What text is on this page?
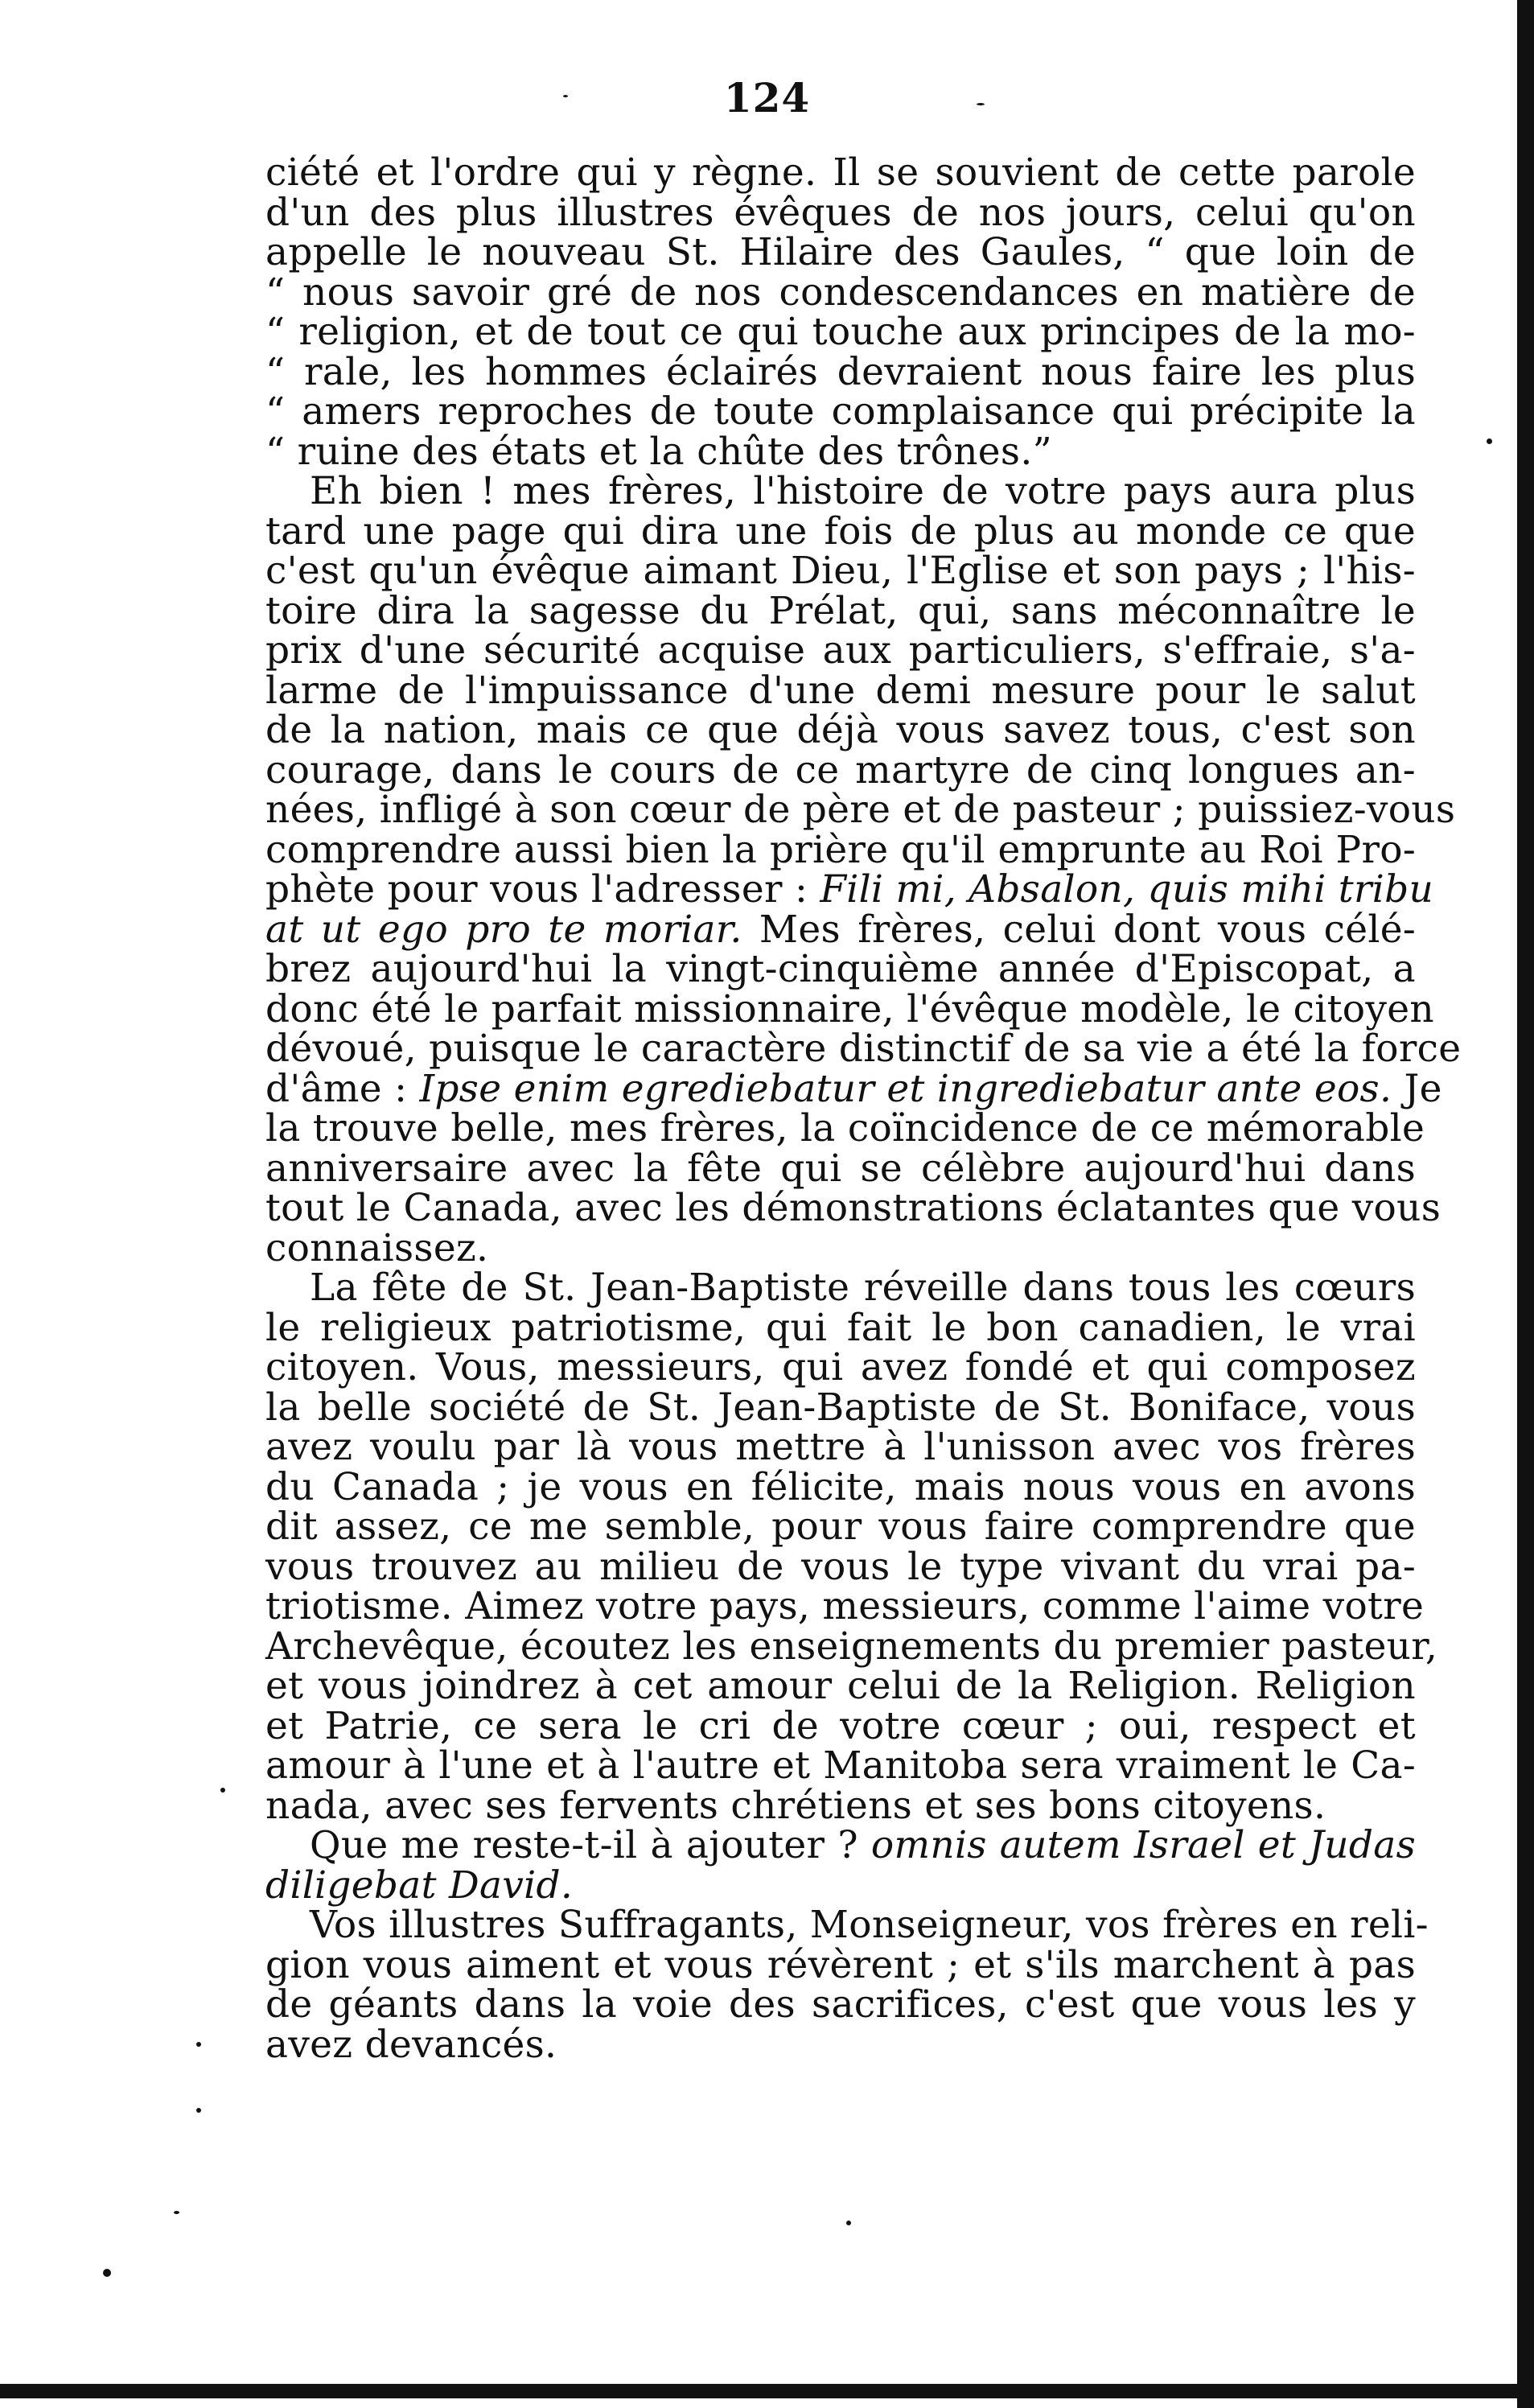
124
ciété et l'ordre qui y règne. Il se souvient de cette parole
d'un des plus illustres évêques de nos jours, celui qu'on
appelle le nouveau St. Hilaire des Gaules, “ que loin de
“ nous savoir gré de nos condescendances en matière de
“ religion, et de tout ce qui touche aux principes de la mo-
“ rale, les hommes éclairés devraient nous faire les plus
“ amers reproches de toute complaisance qui précipite la
“ ruine des états et la chûte des trônes.”
Eh bien ! mes frères, l'histoire de votre pays aura plus
tard une page qui dira une fois de plus au monde ce que
c'est qu'un évêque aimant Dieu, l'Eglise et son pays ; l'his-
toire dira la sagesse du Prélat, qui, sans méconnaître le
prix d'une sécurité acquise aux particuliers, s'effraie, s'a-
larme de l'impuissance d'une demi mesure pour le salut
de la nation, mais ce que déjà vous savez tous, c'est son
courage, dans le cours de ce martyre de cinq longues an-
nées, infligé à son cœur de père et de pasteur ; puissiez-vous
comprendre aussi bien la prière qu'il emprunte au Roi Pro-
phète pour vous l'adresser : Fili mi, Absalon, quis mihi tribu
at ut ego pro te moriar. Mes frères, celui dont vous célé-
brez aujourd'hui la vingt-cinquième année d'Episcopat, a
donc été le parfait missionnaire, l'évêque modèle, le citoyen
dévoué, puisque le caractère distinctif de sa vie a été la force
d'âme : Ipse enim egrediebatur et ingrediebatur ante eos. Je
la trouve belle, mes frères, la coïncidence de ce mémorable
anniversaire avec la fête qui se célèbre aujourd'hui dans
tout le Canada, avec les démonstrations éclatantes que vous
connaissez.
La fête de St. Jean-Baptiste réveille dans tous les cœurs
le religieux patriotisme, qui fait le bon canadien, le vrai
citoyen. Vous, messieurs, qui avez fondé et qui composez
la belle société de St. Jean-Baptiste de St. Boniface, vous
avez voulu par là vous mettre à l'unisson avec vos frères
du Canada ; je vous en félicite, mais nous vous en avons
dit assez, ce me semble, pour vous faire comprendre que
vous trouvez au milieu de vous le type vivant du vrai pa-
triotisme. Aimez votre pays, messieurs, comme l'aime votre
Archevêque, écoutez les enseignements du premier pasteur,
et vous joindrez à cet amour celui de la Religion. Religion
et Patrie, ce sera le cri de votre cœur ; oui, respect et
amour à l'une et à l'autre et Manitoba sera vraiment le Ca-
nada, avec ses fervents chrétiens et ses bons citoyens.
Que me reste-t-il à ajouter ? omnis autem Israel et Judas
diligebat David.
Vos illustres Suffragants, Monseigneur, vos frères en reli-
gion vous aiment et vous révèrent ; et s'ils marchent à pas
de géants dans la voie des sacrifices, c'est que vous les y
avez devancés.
